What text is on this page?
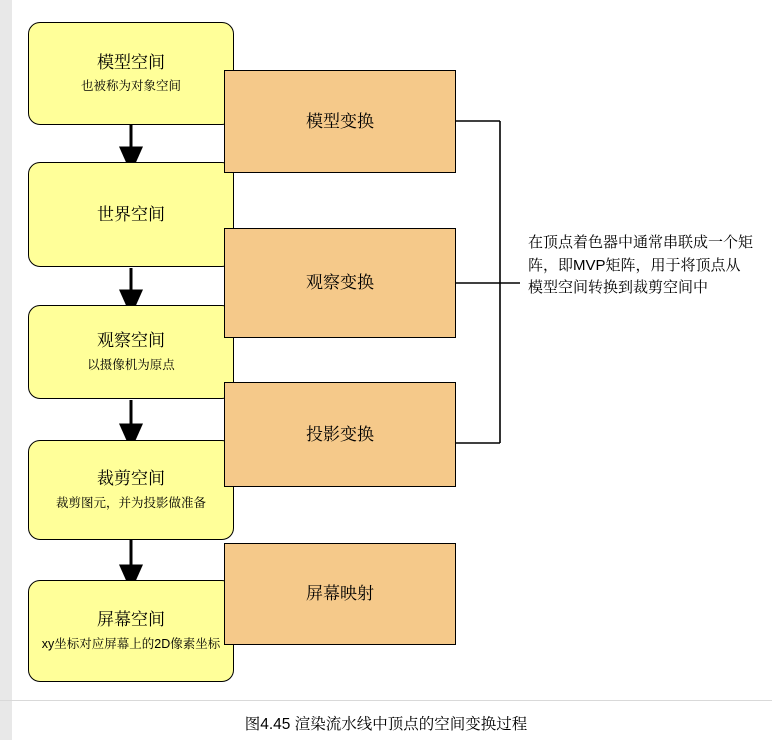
模型空间
也被称为对象空间
世界空间
观察空间
以摄像机为原点
裁剪空间
裁剪图元，并为投影做准备
屏幕空间
xy坐标对应屏幕上的2D像素坐标
模型变换
观察变换
投影变换
屏幕映射
在顶点着色器中通常串联成一个矩阵，即MVP矩阵，用于将顶点从模型空间转换到裁剪空间中
图4.45 渲染流水线中顶点的空间变换过程
